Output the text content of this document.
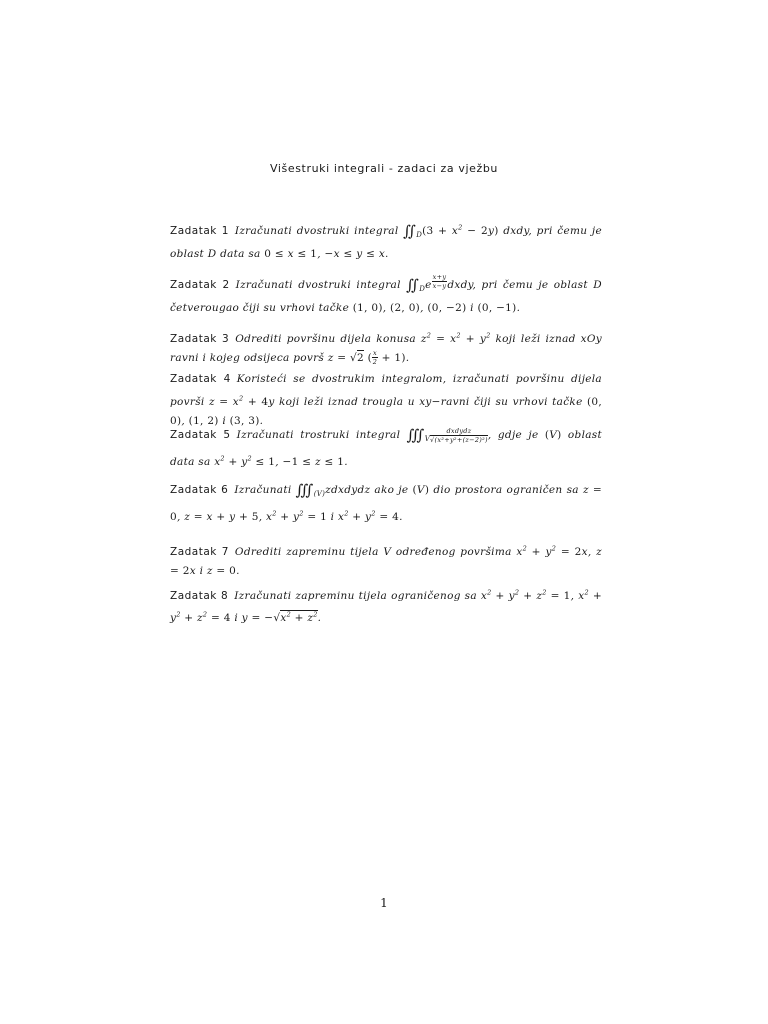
Višestruki integrali - zadaci za vježbu
Zadatak 1 Izračunati dvostruki integral $∬_D(3 + x^2 - 2y)$ dxdy, pri čemu je oblast D data sa 0 ≤ x ≤ 1, −x ≤ y ≤ x.
Zadatak 2 Izračunati dvostruki integral $∬_De$ $^{\frac{x+y}{x-y}}$ dxdy, pri čemu je oblast D četverougao čiji su vrhovi tačke (1, 0), (2, 0), (0, −2) i (0, −1).
Zadatak 3 Odrediti površinu dijela konusa $z^2 = x^2 + y^2$ koji leži iznad xOy ravni i kojeg odsijeca površ z = √2 ( $\frac{x}{2} + 1$).
Zadatak 4 Koristeći se dvostrukim integralom, izračunati površinu dijela površi $z = x^2 + 4y$ koji leži iznad trougla u xy−ravni čiji su vrhovi tačke (0, 0), (1, 2) i (3, 3).
Zadatak 5 Izračunati trostruki integral $∭_V \frac{\text{dxdydz}}{\text{√(x²+y²+(z−2)²)}}$ , gdje je (V) oblast data sa $x^2 + y^2 \le 1$, −1 ≤ z ≤ 1.
Zadatak 6 Izračunati $∭_{(V)}zdxdydz$ ako je (V) dio prostora ograničen sa z = 0, z = x + y + 5, $x^2 + y^2 = 1$ i $x^2 + y^2 = 4$.
Zadatak 7 Odrediti zapreminu tijela V određenog površima $x^2 + y^2 = 2x$, z = 2x i z = 0.
Zadatak 8 Izračunati zapreminu tijela ograničenog sa $x^2 + y^2 + z^2 = 1$, $x^2 + y^2 + z^2 = 4$ i $y = -√x^2 + z^2$.
1
